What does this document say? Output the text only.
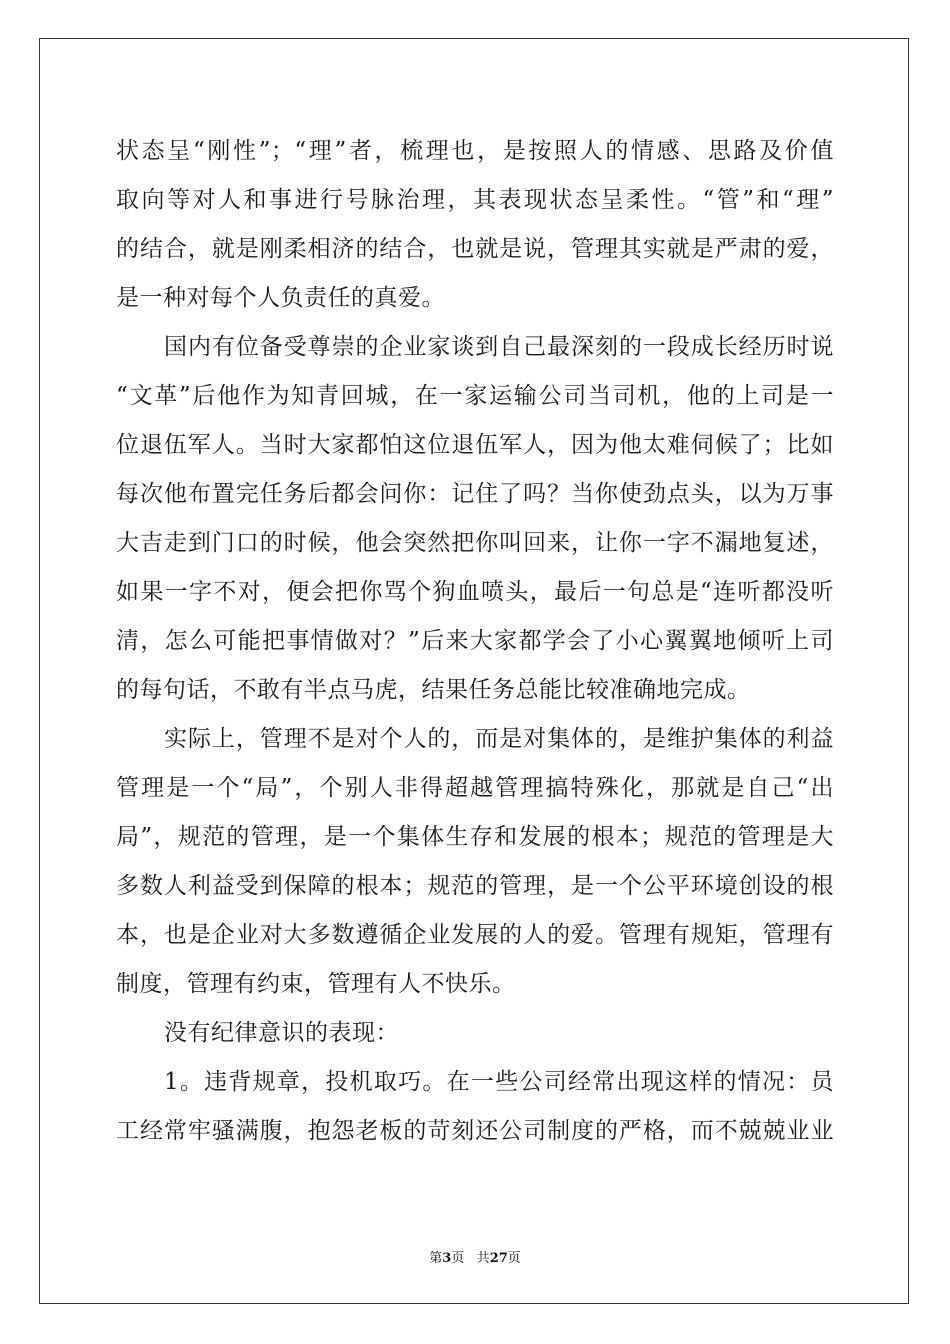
状态呈“刚性”；“理”者，梳理也，是按照人的情感、思路及价值
取向等对人和事进行号脉治理，其表现状态呈柔性。“管”和“理”
的结合，就是刚柔相济的结合，也就是说，管理其实就是严肃的爱，
是一种对每个人负责任的真爱。
国内有位备受尊崇的企业家谈到自己最深刻的一段成长经历时说
“文革”后他作为知青回城，在一家运输公司当司机，他的上司是一
位退伍军人。当时大家都怕这位退伍军人，因为他太难伺候了；比如
每次他布置完任务后都会问你：记住了吗？当你使劲点头，以为万事
大吉走到门口的时候，他会突然把你叫回来，让你一字不漏地复述，
如果一字不对，便会把你骂个狗血喷头，最后一句总是“连听都没听
清，怎么可能把事情做对？”后来大家都学会了小心翼翼地倾听上司
的每句话，不敢有半点马虎，结果任务总能比较准确地完成。
实际上，管理不是对个人的，而是对集体的，是维护集体的利益
管理是一个“局”，个别人非得超越管理搞特殊化，那就是自己“出
局”，规范的管理，是一个集体生存和发展的根本；规范的管理是大
多数人利益受到保障的根本；规范的管理，是一个公平环境创设的根
本，也是企业对大多数遵循企业发展的人的爱。管理有规矩，管理有
制度，管理有约束，管理有人不快乐。
没有纪律意识的表现：
1。违背规章，投机取巧。在一些公司经常出现这样的情况：员
工经常牢骚满腹，抱怨老板的苛刻还公司制度的严格，而不兢兢业业
第3页 共27页
